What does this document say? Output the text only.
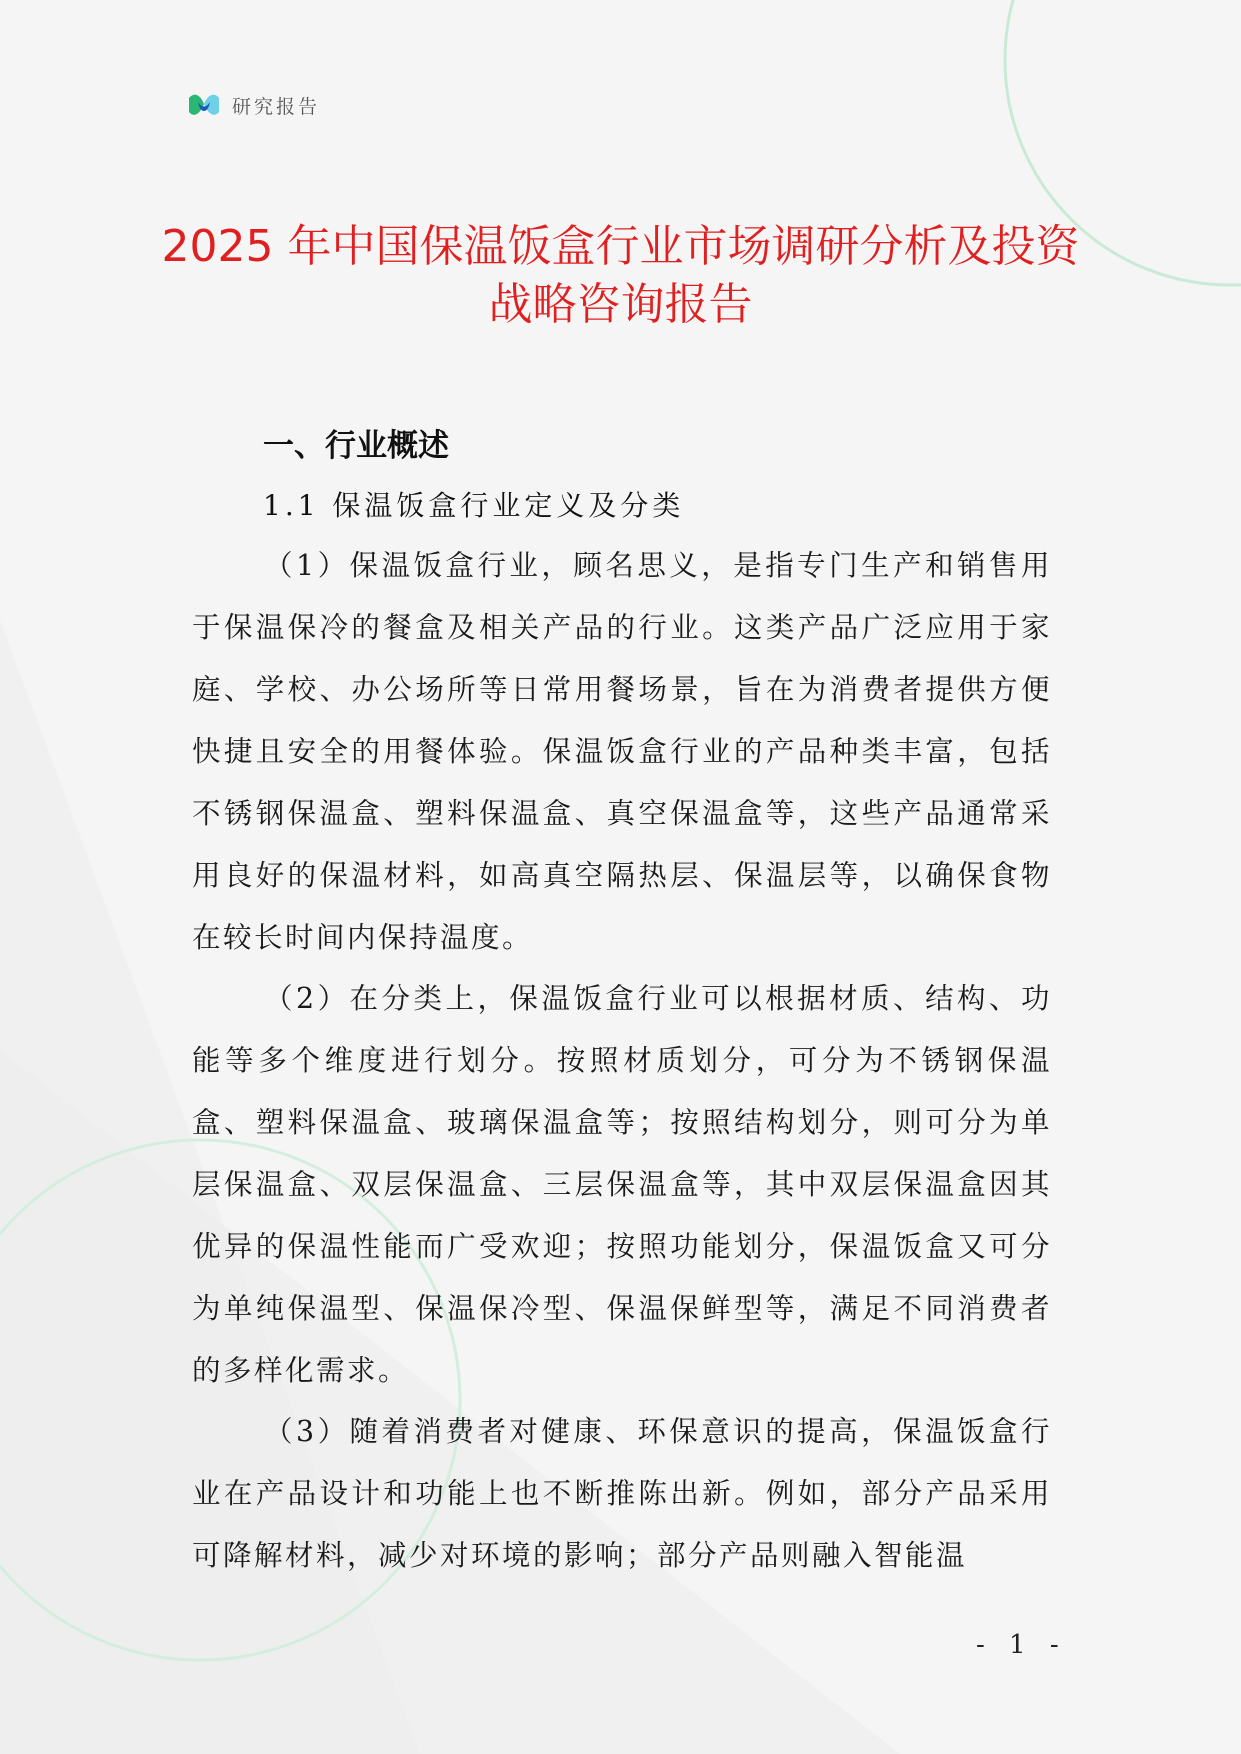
研究报告
2025 年中国保温饭盒行业市场调研分析及投资战略咨询报告
一、行业概述
1.1 保温饭盒行业定义及分类

（1）保温饭盒行业，顾名思义，是指专门生产和销售用于保温保冷的餐盒及相关产品的行业。这类产品广泛应用于家庭、学校、办公场所等日常用餐场景，旨在为消费者提供方便快捷且安全的用餐体验。保温饭盒行业的产品种类丰富，包括不锈钢保温盒、塑料保温盒、真空保温盒等，这些产品通常采用良好的保温材料，如高真空隔热层、保温层等，以确保食物在较长时间内保持温度。

（2）在分类上，保温饭盒行业可以根据材质、结构、功能等多个维度进行划分。按照材质划分，可分为不锈钢保温盒、塑料保温盒、玻璃保温盒等；按照结构划分，则可分为单层保温盒、双层保温盒、三层保温盒等，其中双层保温盒因其优异的保温性能而广受欢迎；按照功能划分，保温饭盒又可分为单纯保温型、保温保冷型、保温保鲜型等，满足不同消费者的多样化需求。

（3）随着消费者对健康、环保意识的提高，保温饭盒行业在产品设计和功能上也不断推陈出新。例如，部分产品采用可降解材料，减少对环境的影响；部分产品则融入智能温

- 1 -
